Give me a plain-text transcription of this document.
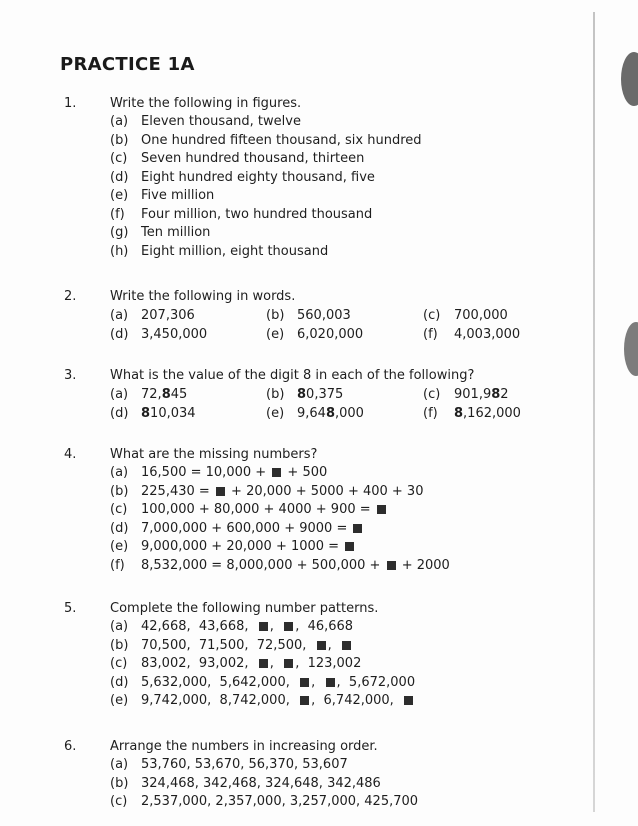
PRACTICE 1A
1.	Write the following in figures.
(a) Eleven thousand, twelve
(b) One hundred fifteen thousand, six hundred
(c)	Seven hundred thousand, thirteen
(d) Eight hundred eighty thousand, five
(e) Five million
(f)	Four million, two hundred thousand
(g) Ten million
(h) Eight million, eight thousand
2.	Write the following in words.
(a) 207,306	(b) 560,003	(c) 700,000
(d) 3,450,000	(e) 6,020,000	(f) 4,003,000
3.	What is the value of the digit 8 in each of the following?
(a) 72,845	(b) 80,375	(c) 901,982
(d) 810,034	(e) 9,648,000	(f) 8,162,000
4.	What are the missing numbers?
(a) 16,500 = 10,000 +  + 500
(b) 225,430 =  + 20,000 + 5000 + 400 + 30
(c)	100,000 + 80,000 + 4000 + 900 =
(d) 7,000,000 + 600,000 + 9000 =
(e) 9,000,000 + 20,000 + 1000 =
(f)	8,532,000 = 8,000,000 + 500,000 +  + 2000
5.	Complete the following number patterns.
(a) 42,668,  43,668,  ,  ,  46,668
(b) 70,500,  71,500,  72,500,  ,
(c)	83,002,  93,002,  ,  ,  123,002
(d) 5,632,000,  5,642,000,  ,  ,  5,672,000
(e) 9,742,000,  8,742,000,  ,  6,742,000,
6.	Arrange the numbers in increasing order.
(a) 53,760, 53,670, 56,370, 53,607
(b) 324,468, 342,468, 324,648, 342,486
(c)	2,537,000, 2,357,000, 3,257,000, 425,700
